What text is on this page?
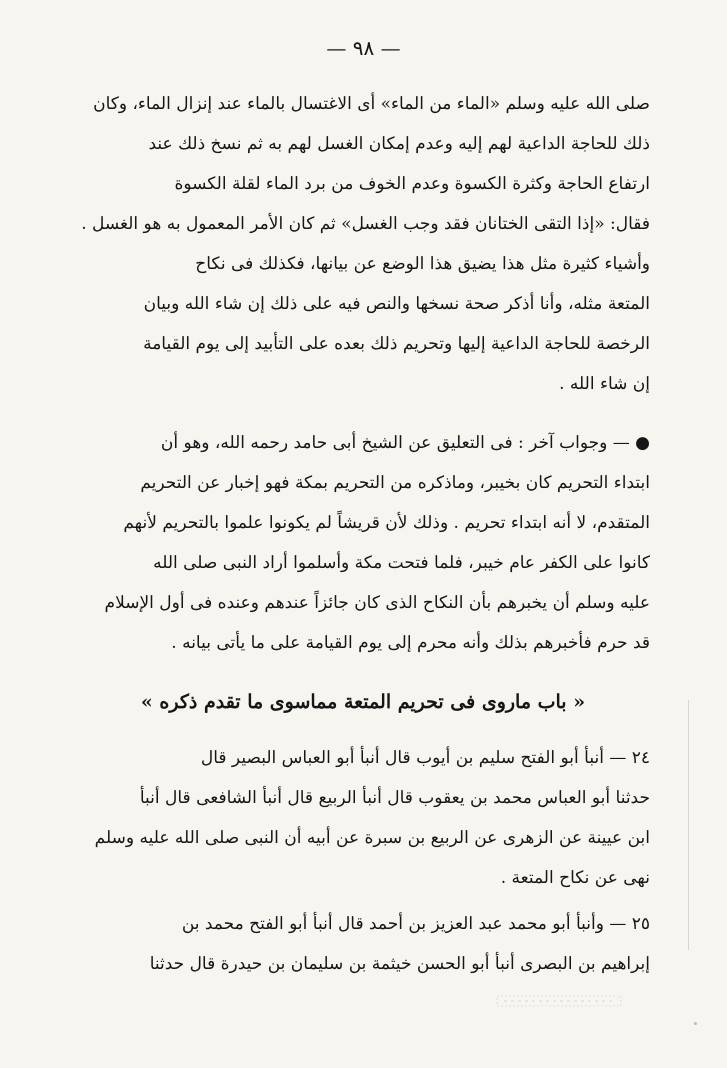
— ٩٨ —
صلى الله عليه وسلم «الماء من الماء» أى الاغتسال بالماء عند إنزال الماء، وكان
ذلك للحاجة الداعية لهم إليه وعدم إمكان الغسل لهم به ثم نسخ ذلك عند
ارتفاع الحاجة وكثرة الكسوة وعدم الخوف من برد الماء لقلة الكسوة
فقال: «إذا التقى الختانان فقد وجب الغسل» ثم كان الأمر المعمول به هو الغسل .
وأشياء كثيرة مثل هذا يضيق هذا الوضع عن بيانها، فكذلك فى نكاح
المتعة مثله، وأنا أذكر صحة نسخها والنص فيه على ذلك إن شاء الله وبيان
الرخصة للحاجة الداعية إليها وتحريم ذلك بعده على التأبيد إلى يوم القيامة
إن شاء الله .
● — وجواب آخر : فى التعليق عن الشيخ أبى حامد رحمه الله، وهو أن
ابتداء التحريم كان بخيبر، وماذكره من التحريم بمكة فهو إخبار عن التحريم
المتقدم، لا أنه ابتداء تحريم . وذلك لأن قريشاً لم يكونوا علموا بالتحريم لأنهم
كانوا على الكفر عام خيبر، فلما فتحت مكة وأسلموا أراد النبى صلى الله
عليه وسلم أن يخبرهم بأن النكاح الذى كان جائزاً عندهم وعنده فى أول الإسلام
قد حرم فأخبرهم بذلك وأنه محرم إلى يوم القيامة على ما يأتى بيانه .
« باب ماروى فى تحريم المتعة مماسوى ما تقدم ذكره »
٢٤ — أنبأ أبو الفتح سليم بن أيوب قال أنبأ أبو العباس البصير قال
حدثنا أبو العباس محمد بن يعقوب قال أنبأ الربيع قال أنبأ الشافعى قال أنبأ
ابن عيينة عن الزهرى عن الربيع بن سبرة عن أبيه أن النبى صلى الله عليه وسلم
نهى عن نكاح المتعة .
٢٥ — وأنبأ أبو محمد عبد العزيز بن أحمد قال أنبأ أبو الفتح محمد بن
إبراهيم بن البصرى أنبأ أبو الحسن خيثمة بن سليمان بن حيدرة قال حدثنا
